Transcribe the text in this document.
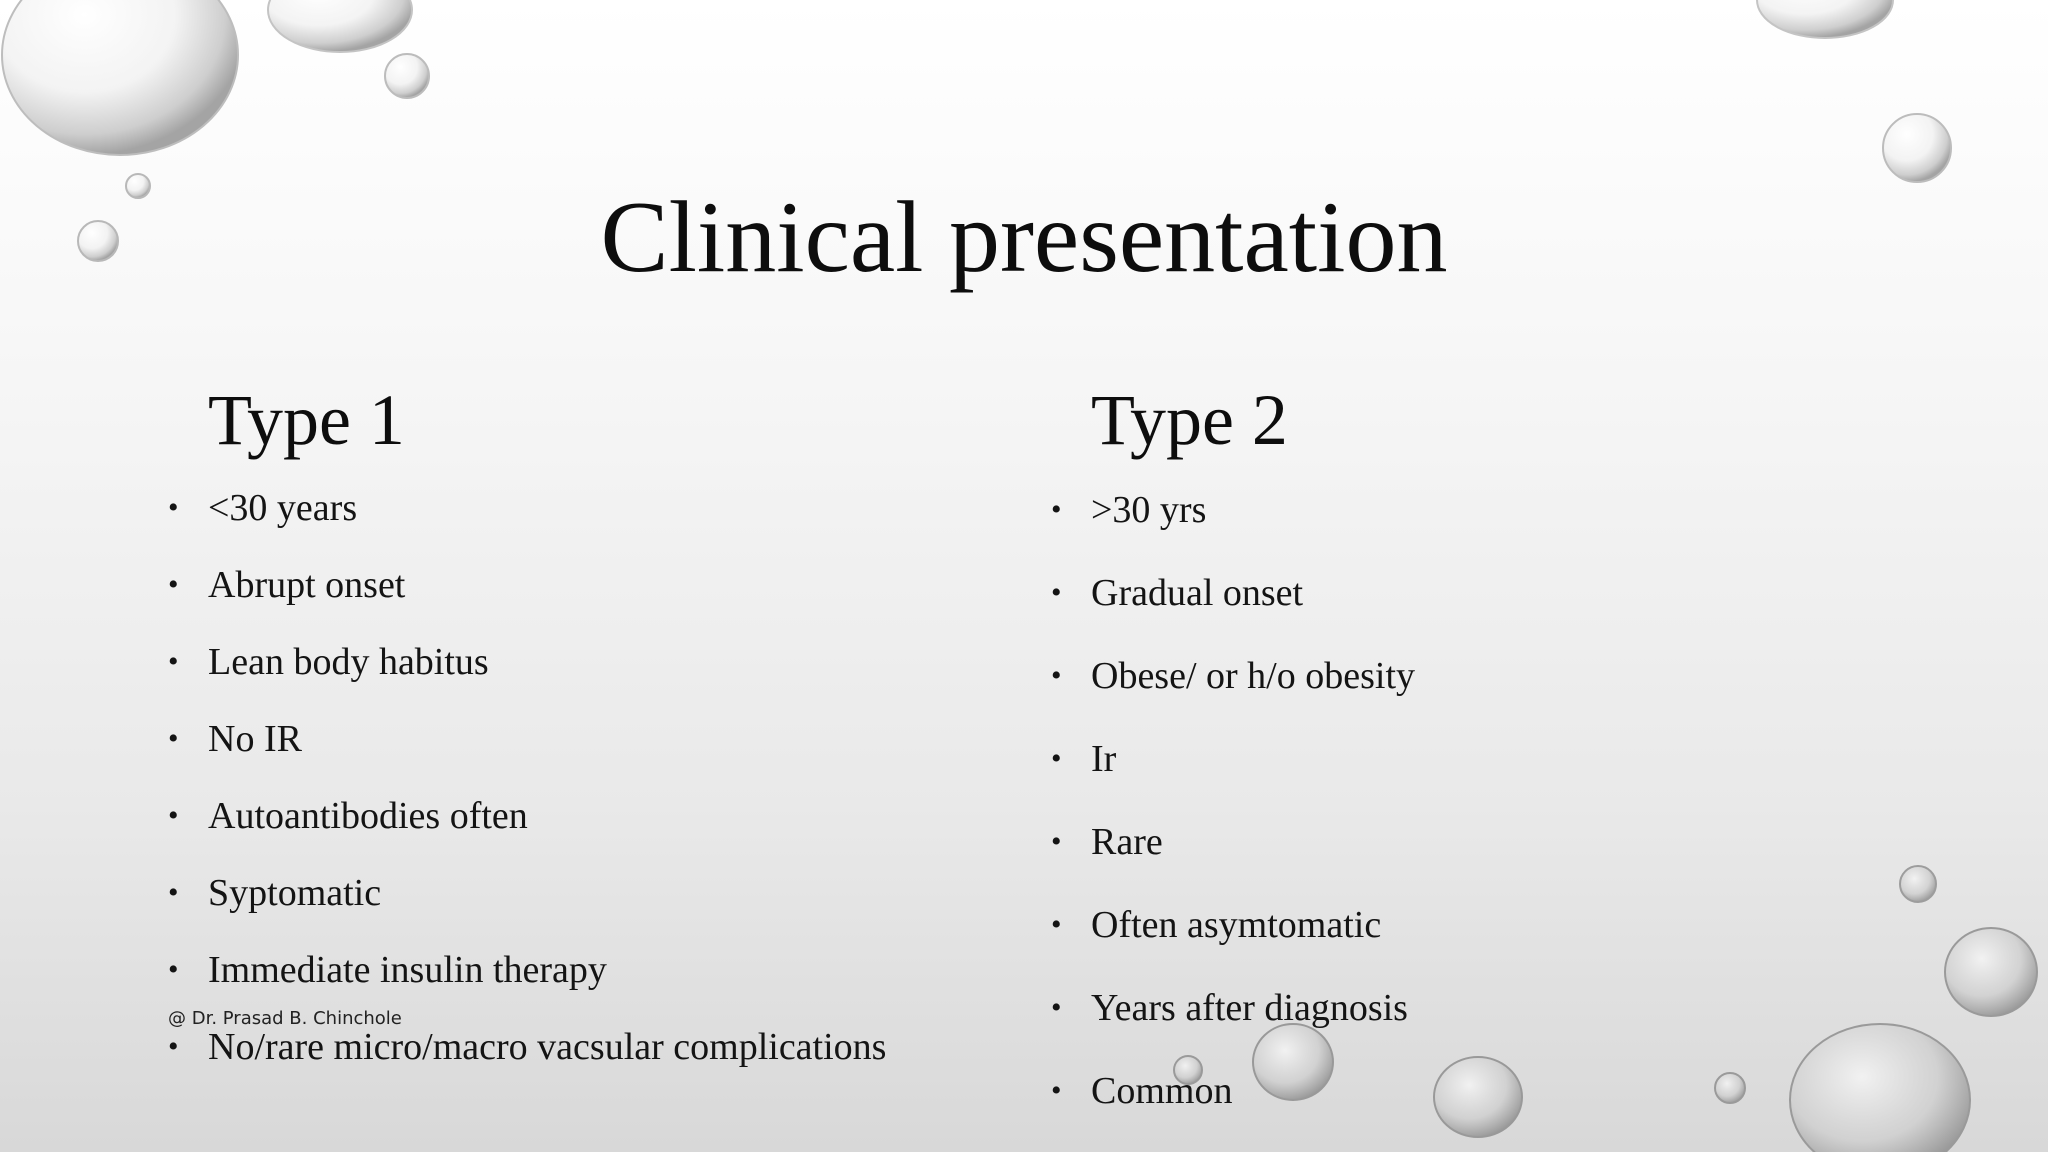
Clinical presentation
Type 1	Type 2
• <30 years
• Abrupt onset
• Lean body habitus
• No IR
• Autoantibodies often
• Syptomatic
• Immediate insulin therapy
• No/rare micro/macro vacsular complications
• >30 yrs
• Gradual onset
• Obese/ or h/o obesity
• Ir
• Rare
• Often asymtomatic
• Years after diagnosis
• Common
@ Dr. Prasad B. Chinchole
